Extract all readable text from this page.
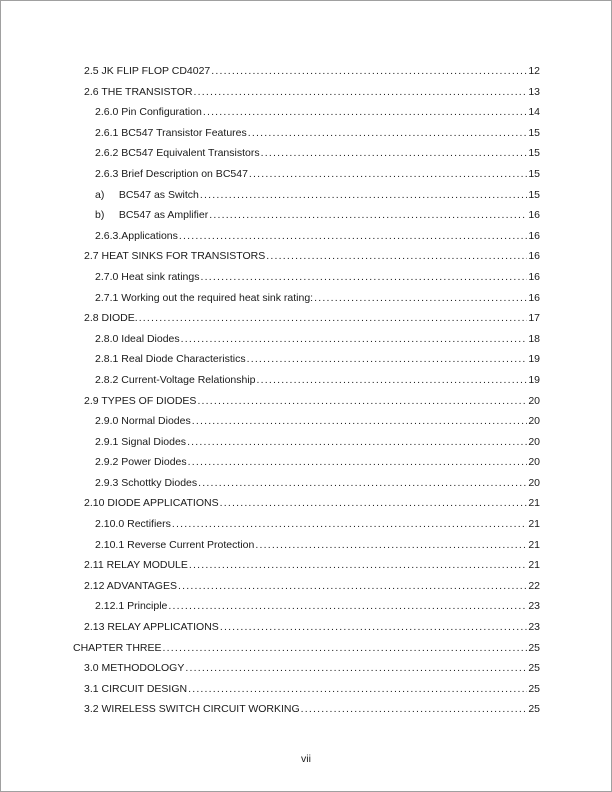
2.5 JK FLIP FLOP CD4027 .....	12
2.6 THE TRANSISTOR .....	13
2.6.0 Pin Configuration .....	14
2.6.1 BC547 Transistor Features .....	15
2.6.2 BC547 Equivalent Transistors .....	15
2.6.3 Brief Description on BC547 .....	15
a)     BC547 as Switch .....	15
b)     BC547 as Amplifier .....	16
2.6.3.Applications .....	16
2.7 HEAT SINKS FOR TRANSISTORS .....	16
2.7.0 Heat sink ratings .....	16
2.7.1 Working out the required heat sink rating: .....	16
2.8 DIODE. .....	17
2.8.0 Ideal Diodes .....	18
2.8.1 Real Diode Characteristics .....	19
2.8.2 Current-Voltage Relationship .....	19
2.9 TYPES OF DIODES .....	20
2.9.0 Normal Diodes .....	20
2.9.1 Signal Diodes .....	20
2.9.2 Power Diodes .....	20
2.9.3 Schottky Diodes .....	20
2.10 DIODE APPLICATIONS .....	21
2.10.0 Rectifiers .....	21
2.10.1 Reverse Current Protection .....	21
2.11 RELAY MODULE .....	21
2.12 ADVANTAGES .....	22
2.12.1 Principle .....	23
2.13 RELAY APPLICATIONS .....	23
CHAPTER THREE .....	25
3.0 METHODOLOGY .....	25
3.1 CIRCUIT DESIGN .....	25
3.2 WIRELESS SWITCH CIRCUIT WORKING .....	25
vii
